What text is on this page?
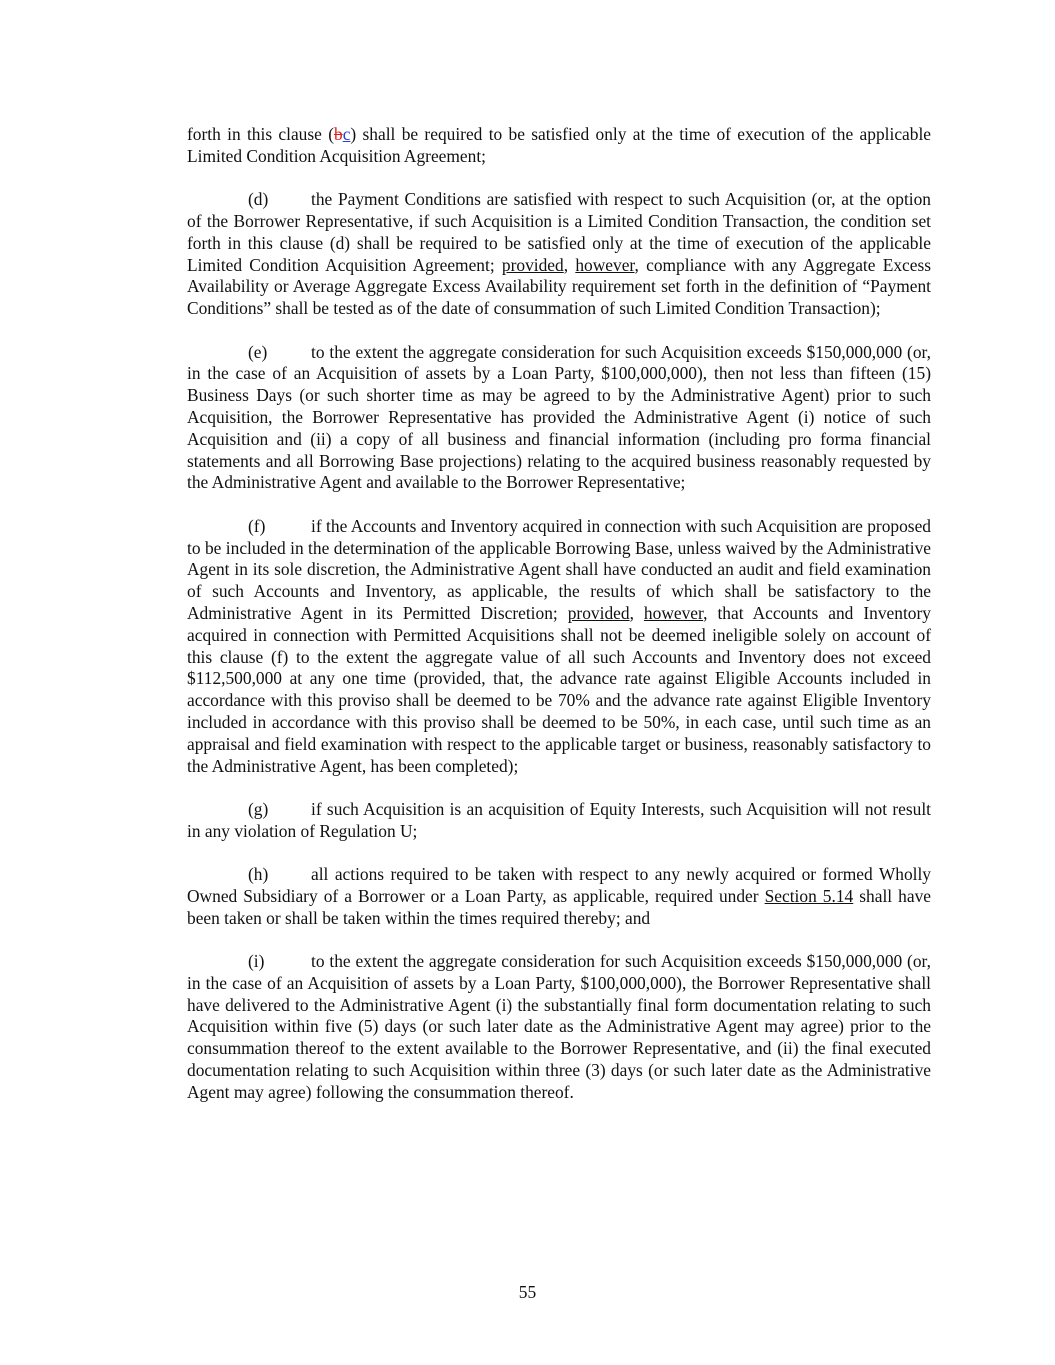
forth in this clause (bc) shall be required to be satisfied only at the time of execution of the applicable Limited Condition Acquisition Agreement;

(d) the Payment Conditions are satisfied with respect to such Acquisition (or, at the option of the Borrower Representative, if such Acquisition is a Limited Condition Transaction, the condition set forth in this clause (d) shall be required to be satisfied only at the time of execution of the applicable Limited Condition Acquisition Agreement; provided, however, compliance with any Aggregate Excess Availability or Average Aggregate Excess Availability requirement set forth in the definition of “Payment Conditions” shall be tested as of the date of consummation of such Limited Condition Transaction);

(e)	to the extent the aggregate consideration for such Acquisition exceeds $150,000,000 (or, in the case of an Acquisition of assets by a Loan Party, $100,000,000), then not less than fifteen (15) Business Days (or such shorter time as may be agreed to by the Administrative Agent) prior to such Acquisition, the Borrower Representative has provided the Administrative Agent (i) notice of such Acquisition and (ii) a copy of all business and financial information (including pro forma financial statements and all Borrowing Base projections) relating to the acquired business reasonably requested by the Administrative Agent and available to the Borrower Representative;

(f)	if the Accounts and Inventory acquired in connection with such Acquisition are proposed to be included in the determination of the applicable Borrowing Base, unless waived by the Administrative Agent in its sole discretion, the Administrative Agent shall have conducted an audit and field examination of such Accounts and Inventory, as applicable, the results of which shall be satisfactory to the Administrative Agent in its Permitted Discretion; provided, however, that Accounts and Inventory acquired in connection with Permitted Acquisitions shall not be deemed ineligible solely on account of this clause (f) to the extent the aggregate value of all such Accounts and Inventory does not exceed $112,500,000 at any one time (provided, that, the advance rate against Eligible Accounts included in accordance with this proviso shall be deemed to be 70% and the advance rate against Eligible Inventory included in accordance with this proviso shall be deemed to be 50%, in each case, until such time as an appraisal and field examination with respect to the applicable target or business, reasonably satisfactory to the Administrative Agent, has been completed);

(g) if such Acquisition is an acquisition of Equity Interests, such Acquisition will not result in any violation of Regulation U;

(h) all actions required to be taken with respect to any newly acquired or formed Wholly Owned Subsidiary of a Borrower or a Loan Party, as applicable, required under Section 5.14 shall have been taken or shall be taken within the times required thereby; and

(i)	to the extent the aggregate consideration for such Acquisition exceeds $150,000,000 (or, in the case of an Acquisition of assets by a Loan Party, $100,000,000), the Borrower Representative shall have delivered to the Administrative Agent (i) the substantially final form documentation relating to such Acquisition within five (5) days (or such later date as the Administrative Agent may agree) prior to the consummation thereof to the extent available to the Borrower Representative, and (ii) the final executed documentation relating to such Acquisition within three (3) days (or such later date as the Administrative Agent may agree) following the consummation thereof.

55
